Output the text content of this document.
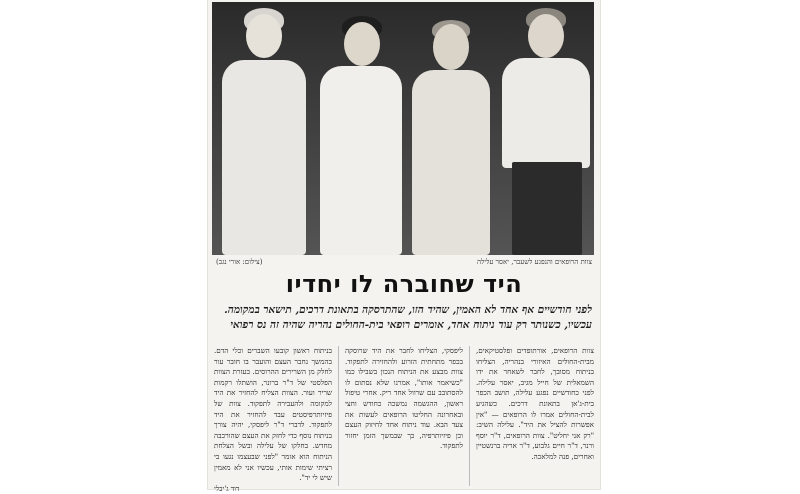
צוות הרופאים והנפגע לשעבר, יאסר עלילה
(צילום: אורי נגב)
היד שחוברה לו יחדיו
לפני חודשיים אף אחד לא האמין, שהיד הזו, שהתרסקה בתאונת דרכים, תישאר במקומה. עכשיו, כשנותר רק עוד ניתוח אחד, אומרים רופאי בית-החולים נהריה שהיה זה נס רפואי

צוות הרופאים, אורתופדים ופלסטיקאים, מבית-החולים האיזורי בנהריה, הצליחו בניתוח מסובך, לחבר לשאחר את ידו השמאלית של חייל מגיב, יאסר עלילה. לפני כחודשיים נפגע עלילה, תושב הכפר בית-ג'אן בתאונת דרכים. כשהגיע לבית-החולים אמרו לו הרופאים — "אין אפשרות להציל את היד". עלילה השיב: "רק אני יחליט". צוות הרופאים, ד"ר יוסף ורנר, ד"ר חיים גלבוע, ד"ר אריה ברנשטיין ואחרים, פנה למלאכה.

ליפסקי, הצליחו לחבר את היד שרוסקה בכפר מתחתית הזרוע ולהחזירה לתפקוד. צוות מבצע את הניתוח הנכון בשבילו כמו "כשיאמר אותו", אמרנו שלא נסתום לו להסתובב עם שרוול אחד ריק. אחרי טיפול ראשון, ההגשמה נמשכה כחודש וחצי ובאחרונה החליטו הרופאים לעשות את צעד הבא. עוד ניתוח אחד לחיזוק העצם וכן פיזיותרפיה, כך שבמשך הזמן יחזור לתפקוד.

בניתוח ראשון קובעו השברים וכלי הדם. בהמשך נחבר העצם והועבר בו חובר עור לחלק מן השרירים ההרוסים. בעזרת הצוות הפלסטי של ד"ר ברונר, הושתלו רקמות שריר ועור. הצוות הצליח להחזיר את היד למקומה ולהעבירה לתפקוד. צוות של פיזיותרפיסטים עבד להחזיר את היד לתפקוד. לדברי ד"ר ליפסקי, יהיה צורך בניתוח נוסף כדי לחזק את העצם שהורכבה מחדש. בחלקו של עלילה ובשל הצלחת הניתוח הוא אומר "לפני שבעצמו נגעו בי רציתי שימות אותי, עכשיו אני לא מאמין שיש לי יד".

דוד ג'יבלי
